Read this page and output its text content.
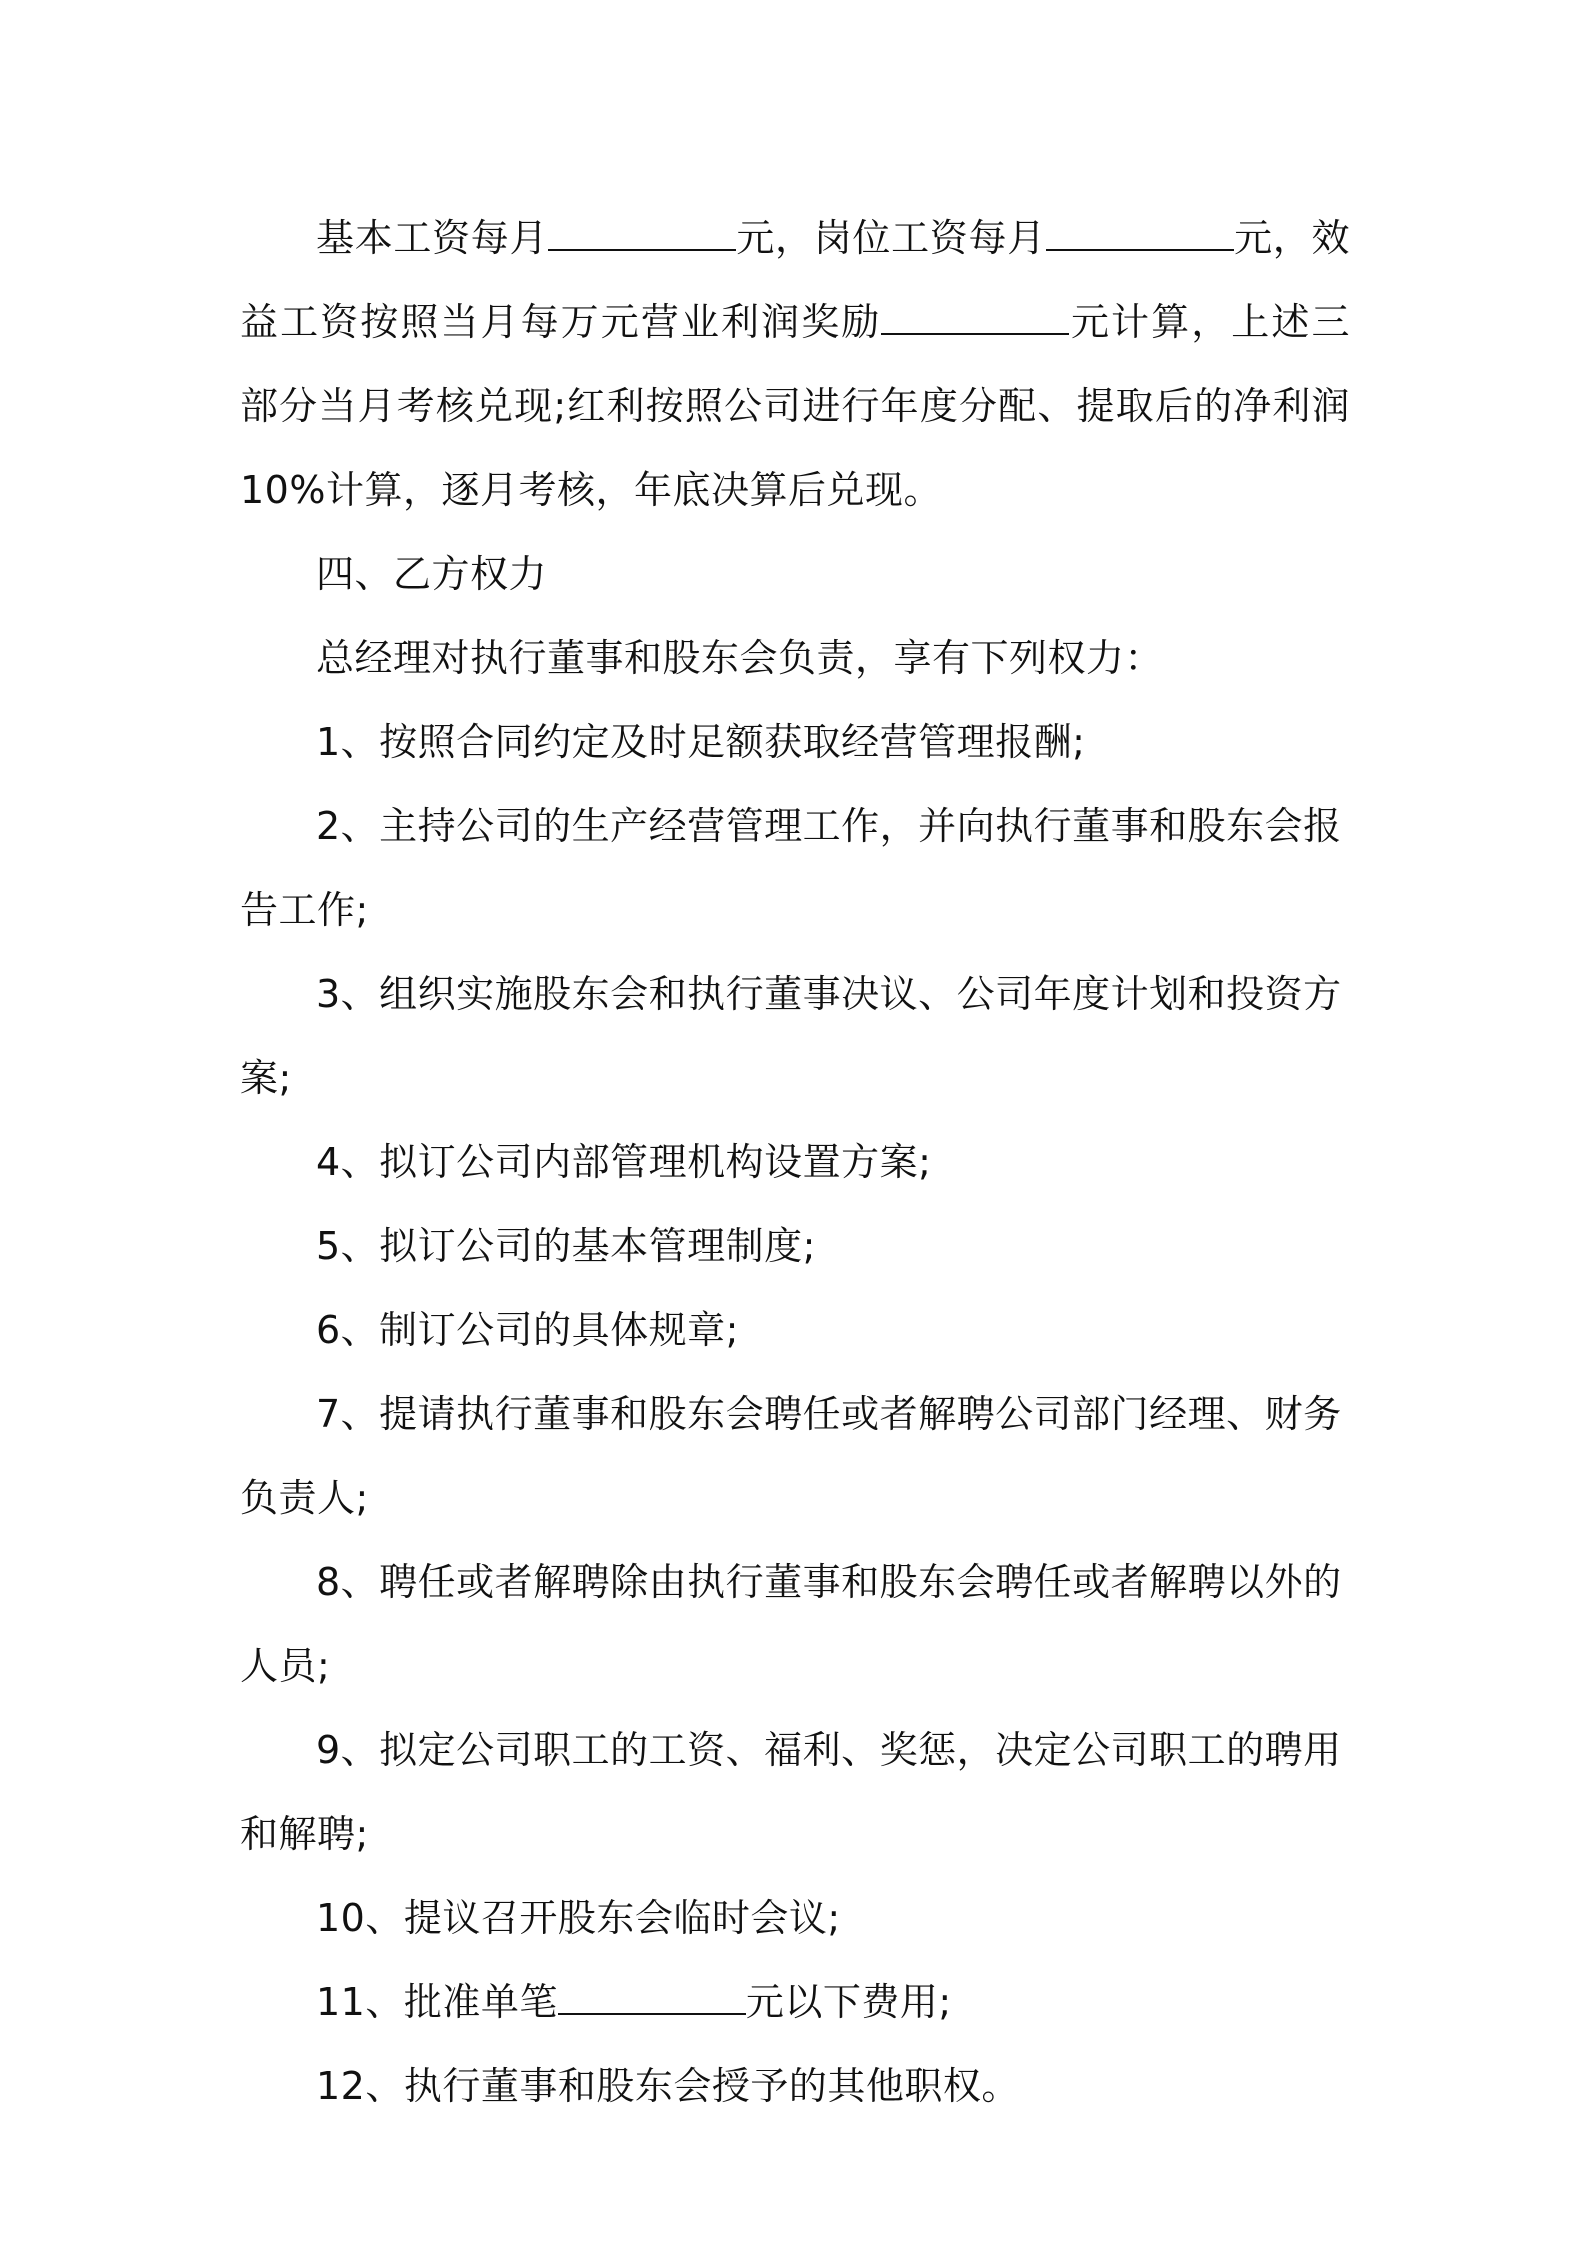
基本工资每月	元，岗位工资每月	元，效益工资按照当月每万元营业利润奖励	元计算，上述三部分当月考核兑现;红利按照公司进行年度分配、提取后的净利润 10%计算，逐月考核，年底决算后兑现。

四、乙方权力

总经理对执行董事和股东会负责，享有下列权力：

1、按照合同约定及时足额获取经营管理报酬;

2、主持公司的生产经营管理工作，并向执行董事和股东会报告工作;

3、组织实施股东会和执行董事决议、公司年度计划和投资方案;

4、拟订公司内部管理机构设置方案;

5、拟订公司的基本管理制度;

6、制订公司的具体规章;

7、提请执行董事和股东会聘任或者解聘公司部门经理、财务负责人;

8、聘任或者解聘除由执行董事和股东会聘任或者解聘以外的人员;

9、拟定公司职工的工资、福利、奖惩，决定公司职工的聘用和解聘;

10、提议召开股东会临时会议;

11、批准单笔	元以下费用;

12、执行董事和股东会授予的其他职权。
